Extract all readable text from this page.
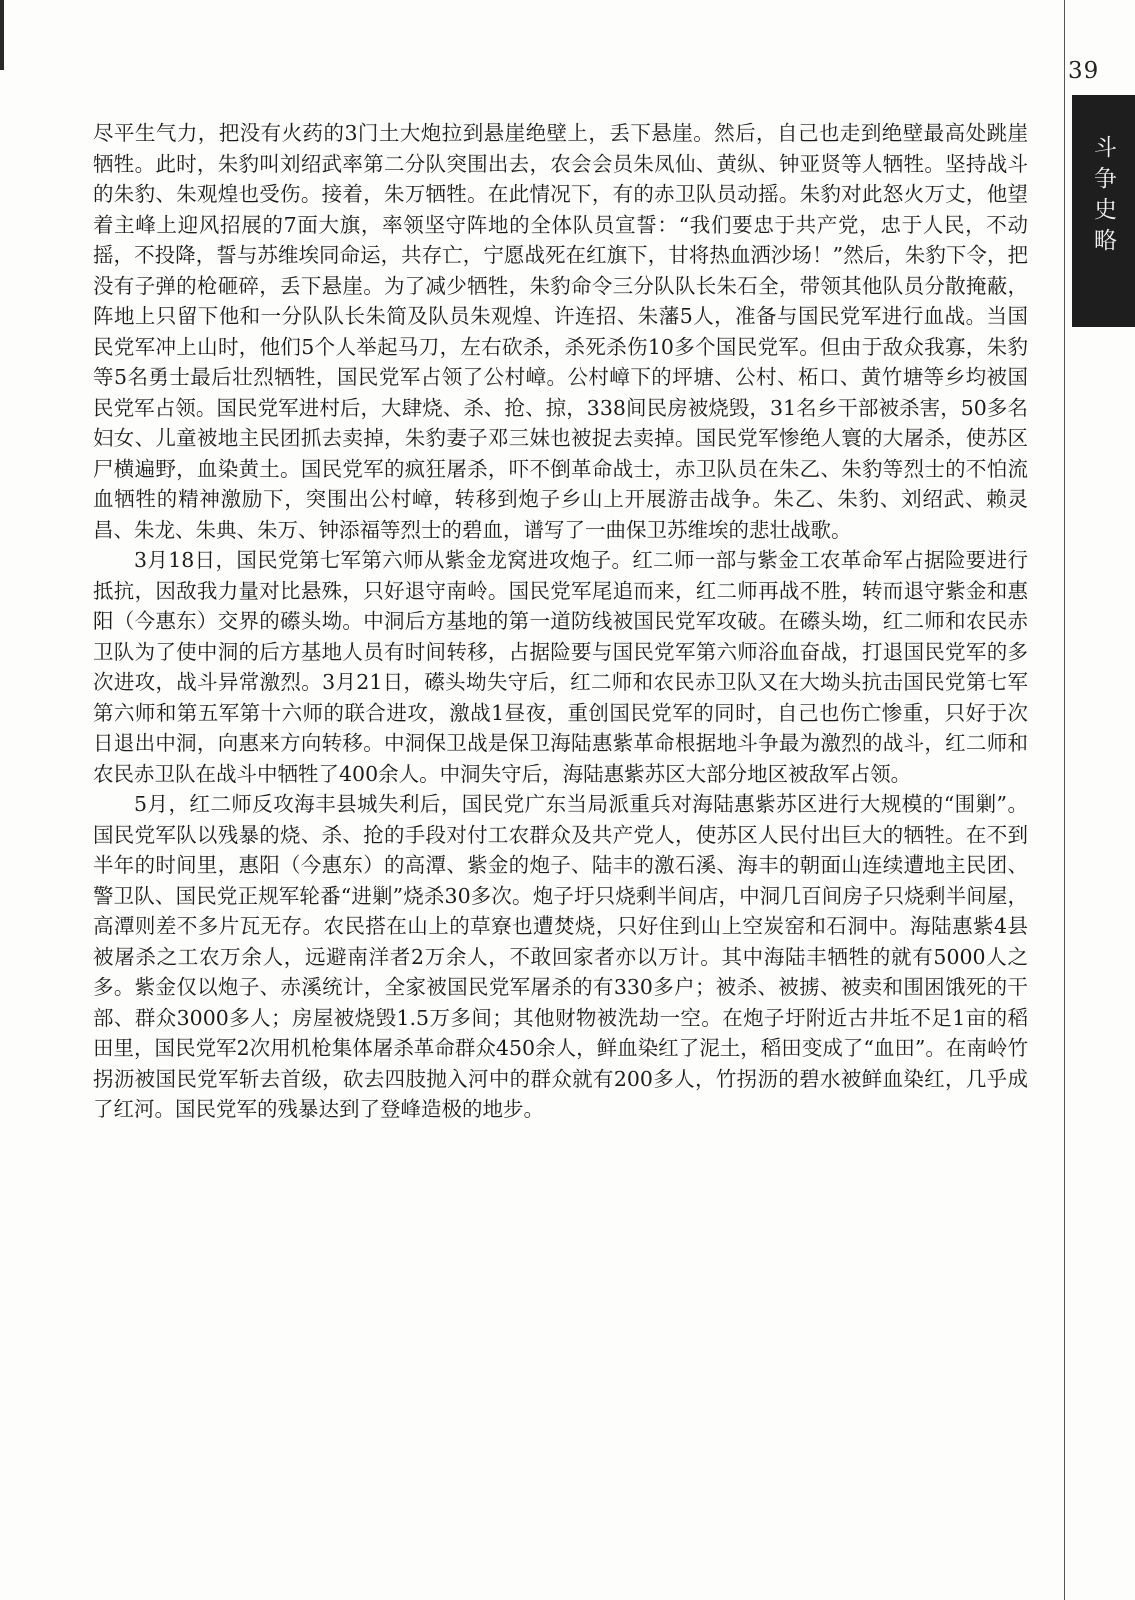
39
斗争史略

尽平生气力，把没有火药的3门土大炮拉到悬崖绝壁上，丢下悬崖。然后，自己也走到绝壁最高处跳崖牺牲。此时，朱豹叫刘绍武率第二分队突围出去，农会会员朱凤仙、黄纵、钟亚贤等人牺牲。坚持战斗的朱豹、朱观煌也受伤。接着，朱万牺牲。在此情况下，有的赤卫队员动摇。朱豹对此怒火万丈，他望着主峰上迎风招展的7面大旗，率领坚守阵地的全体队员宣誓：“我们要忠于共产党，忠于人民，不动摇，不投降，誓与苏维埃同命运，共存亡，宁愿战死在红旗下，甘将热血洒沙场！”然后，朱豹下令，把没有子弹的枪砸碎，丢下悬崖。为了减少牺牲，朱豹命令三分队队长朱石全，带领其他队员分散掩蔽，阵地上只留下他和一分队队长朱简及队员朱观煌、许连招、朱藩5人，准备与国民党军进行血战。当国民党军冲上山时，他们5个人举起马刀，左右砍杀，杀死杀伤10多个国民党军。但由于敌众我寡，朱豹等5名勇士最后壮烈牺牲，国民党军占领了公村嶂。公村嶂下的坪塘、公村、柘口、黄竹塘等乡均被国民党军占领。国民党军进村后，大肆烧、杀、抢、掠，338间民房被烧毁，31名乡干部被杀害，50多名妇女、儿童被地主民团抓去卖掉，朱豹妻子邓三妹也被捉去卖掉。国民党军惨绝人寰的大屠杀，使苏区尸横遍野，血染黄土。国民党军的疯狂屠杀，吓不倒革命战士，赤卫队员在朱乙、朱豹等烈士的不怕流血牺牲的精神激励下，突围出公村嶂，转移到炮子乡山上开展游击战争。朱乙、朱豹、刘绍武、赖灵昌、朱龙、朱典、朱万、钟添福等烈士的碧血，谱写了一曲保卫苏维埃的悲壮战歌。

3月18日，国民党第七军第六师从紫金龙窝进攻炮子。红二师一部与紫金工农革命军占据险要进行抵抗，因敌我力量对比悬殊，只好退守南岭。国民党军尾追而来，红二师再战不胜，转而退守紫金和惠阳（今惠东）交界的礤头坳。中洞后方基地的第一道防线被国民党军攻破。在礤头坳，红二师和农民赤卫队为了使中洞的后方基地人员有时间转移，占据险要与国民党军第六师浴血奋战，打退国民党军的多次进攻，战斗异常激烈。3月21日，礤头坳失守后，红二师和农民赤卫队又在大坳头抗击国民党第七军第六师和第五军第十六师的联合进攻，激战1昼夜，重创国民党军的同时，自己也伤亡惨重，只好于次日退出中洞，向惠来方向转移。中洞保卫战是保卫海陆惠紫革命根据地斗争最为激烈的战斗，红二师和农民赤卫队在战斗中牺牲了400余人。中洞失守后，海陆惠紫苏区大部分地区被敌军占领。

5月，红二师反攻海丰县城失利后，国民党广东当局派重兵对海陆惠紫苏区进行大规模的“围剿”。国民党军队以残暴的烧、杀、抢的手段对付工农群众及共产党人，使苏区人民付出巨大的牺牲。在不到半年的时间里，惠阳（今惠东）的高潭、紫金的炮子、陆丰的激石溪、海丰的朝面山连续遭地主民团、警卫队、国民党正规军轮番“进剿”烧杀30多次。炮子圩只烧剩半间店，中洞几百间房子只烧剩半间屋，高潭则差不多片瓦无存。农民搭在山上的草寮也遭焚烧，只好住到山上空炭窑和石洞中。海陆惠紫4县被屠杀之工农万余人，远避南洋者2万余人，不敢回家者亦以万计。其中海陆丰牺牲的就有5000人之多。紫金仅以炮子、赤溪统计，全家被国民党军屠杀的有330多户；被杀、被掳、被卖和围困饿死的干部、群众3000多人；房屋被烧毁1.5万多间；其他财物被洗劫一空。在炮子圩附近古井坵不足1亩的稻田里，国民党军2次用机枪集体屠杀革命群众450余人，鲜血染红了泥土，稻田变成了“血田”。在南岭竹拐沥被国民党军斩去首级，砍去四肢抛入河中的群众就有200多人，竹拐沥的碧水被鲜血染红，几乎成了红河。国民党军的残暴达到了登峰造极的地步。
